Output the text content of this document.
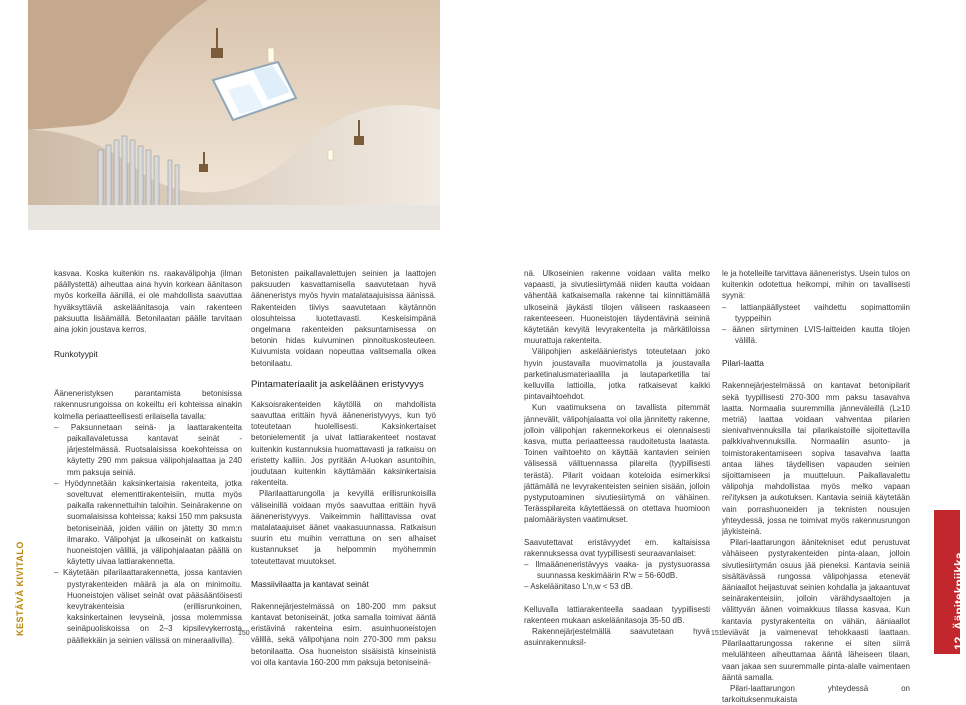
KESTÄVÄ KIVITALO

kasvaa. Koska kuitenkin ns. raakavälipohja (ilman päällystettä) aiheuttaa aina hyvin korkean äänitason myös korkeilla äänillä, ei ole mahdollista saavuttaa hyväksyttäviä askeläänitasoja vain rakenteen paksuutta lisäämällä. Betonilaatan päälle tarvitaan aina jokin joustava kerros.

Runkotyypit

Ääneneristyksen parantamista betonisissa rakennusrungoissa on kokeiltu eri kohteissa ainakin kolmella periaatteellisesti erilaisella tavalla:

– Paksunnetaan seinä- ja laattarakenteita paikallavaletussa kantavat seinät -järjestelmässä. Ruotsalaisissa koekohteissa on käytetty 290 mm paksua välipohjalaattaa ja 240 mm paksuja seiniä.

– Hyödynnetään kaksinkertaisia rakenteita, jotka soveltuvat elementtirakenteisiin, mutta myös paikalla rakennettuihin taloihin. Seinärakenne on suomalaisissa kohteissa; kaksi 150 mm paksusta betoniseinää, joiden väliin on jätetty 30 mm:n ilmarako. Välipohjat ja ulkoseinät on katkaistu huoneistojen välillä, ja välipohjalaatan päällä on käytetty uivaa lattiarakennetta.

– Käytetään pilarilaattarakennetta, jossa kantavien pystyrakenteiden määrä ja ala on minimoitu. Huoneistojen väliset seinät ovat pääsääntöisesti kevytrakenteisia (erillisrunkoinen, kaksinkertainen levyseinä, jossa molemmissa seinäpuoliskoissa on 2–3 kipsilevykerrosta päällekkäin ja seinien välissä on mineraalivilla).

Betonisten paikallavalettujen seinien ja laattojen paksuuden kasvattamisella saavutetaan hyvä ääneneristys myös hyvin matalataajuisissa äänissä. Rakenteiden tiiviys saavutetaan käytännön olosuhteissa luotettavasti. Keskeisimpänä ongelmana rakenteiden paksuntamisessa on betonin hidas kuivuminen pinnoituskosteuteen. Kuivumista voidaan nopeuttaa valitsemalla oikea betonilaatu.

Pintamateriaalit ja askeläänen eristyvyys

Kaksoisrakenteiden käytöllä on mahdollista saavuttaa erittäin hyvä ääneneristyvyys, kun työ toteutetaan huolellisesti. Kaksinkertaiset betonielementit ja uivat lattiarakenteet nostavat kuitenkin kustannuksia huomattavasti ja ratkaisu on eristetty kalliin. Jos pyritään A-luokan asuntoihin, joudutaan kuitenkin käyttämään kaksinkertaisia rakenteita.

Pilarilaattarungolla ja kevyillä erillisrunkoisilla väliseinillä voidaan myös saavuttaa erittäin hyvä ääneneristyvyys. Vaikeimmin hallittavissa ovat matalataajuiset äänet vaakasuunnassa. Ratkaisun suurin etu muihin verrattuna on sen alhaiset kustannukset ja helpommin myöhemmin toteutettavat muutokset.

Massiivilaatta ja kantavat seinät

Rakennejärjestelmässä on 180-200 mm paksut kantavat betoniseinät, jotka samalla toimivat ääntä eristävinä rakenteina esim. asuinhuoneistojen välillä, sekä välipohjana noin 270-300 mm paksu betonilaatta. Osa huoneiston sisäisistä kinseinistä voi olla kantavia 160-200 mm paksuja betoniseinä-

150

nä. Ulkoseinien rakenne voidaan valita melko vapaasti, ja sivutiesiirtymää niiden kautta voidaan vähentää katkaisemalla rakenne tai kiinnittämällä ulkoseinä jäykästi tilojen väliseen raskaaseen rakenteeseen. Huoneistojen täydentävinä seininä käytetään kevyitä levyrakenteita ja märkätiloissa muurattuja rakenteita.

Välipohjien askeläänieristys toteutetaan joko hyvin joustavalla muovimatolla ja joustavalla parketinalusmateriaalilla ja lautaparketilla tai kelluvilla lattioilla, jotka ratkaisevat kaikki pintavaihtoehdot.

Kun vaatimuksena on tavallista pitemmät jännevälit, välipohjalaatta voi olla jännitetty rakenne, jolloin välipohjan rakennekorkeus ei olennaisesti kasva, mutta periaatteessa raudoitetusta laatasta. Toinen vaihtoehto on käyttää kantavien seinien välisessä välituennassa pilareita (tyypillisesti terästä). Pilarit voidaan koteloida esimerkiksi jättämällä ne levyrakenteisten seinien sisään, jolloin pystyputoaminen sivutiesiirtymä on vähäinen. Terässpilareita käytettäessä on otettava huomioon palomääräysten vaatimukset.

Saavutettavat eristävyydet em. kaltaisissa rakennuksessa ovat tyypillisesti seuraavanlaiset:

– Ilmaääneneristävyys vaaka- ja pystysuorassa suunnassa keskimäärin R'w = 56-60dB.

– Askeläänitaso L'n,w < 53 dB.

Kelluvalla lattiarakenteella saadaan tyypillisesti rakenteen mukaan askeläänitasoja 35-50 dB.

Rakennejärjestelmällä saavutetaan hyvä asuinrakennuksil-

le ja hotelleille tarvittava ääneneristys. Usein tulos on kuitenkin odotettua heikompi, mihin on tavallisesti syynä:

– lattianpäällysteet vaihdettu sopimattomiin tyyppeihin

– äänen siirtyminen LVIS-laitteiden kautta tilojen välillä.

Pilari-laatta

Rakennejärjestelmässä on kantavat betonipilarit sekä tyypillisesti 270-300 mm paksu tasavahva laatta. Normaalia suuremmilla jänneväleillä (L≥10 metriä) laattaa voidaan vahventaa pilarien sienivahvennuksilla tai pilarikaistoille sijoitettavilla palkkivahvennuksilla. Normaaliin asunto- ja toimistorakentamiseen sopiva tasavahva laatta antaa lähes täydellisen vapauden seinien sijoittamiseen ja muutteluun. Paikallavalettu välipohja mahdollistaa myös melko vapaan reiʹityksen ja aukotuksen. Kantavia seiniä käytetään vain porrashuoneiden ja teknisten nousujen yhteydessä, jossa ne toimivat myös rakennusrungon jäykisteinä.

Pilari-laattarungon äänitekniset edut perustuvat vähäiseen pystyrakenteiden pinta-alaan, jolloin sivutiesiirtymän osuus jää pieneksi. Kantavia seiniä sisältävässä rungossa välipohjassa etenevät ääniaallot heijastuvat seinien kohdalla ja jakaantuvat seinärakenteisiin, jolloin värähdysaaltojen ja välittyvän äänen voimakkuus tilassa kasvaa. Kun kantavia pystyrakenteita on vähän, ääniaallot leviävät ja vaimenevat tehokkaasti laattaan. Pilarilaattarungossa rakenne ei siten siirrä melulähteen aiheuttamaa ääntä läheiseen tilaan, vaan jakaa sen suuremmalle pinta-alalle vaimentaen ääntä samalla.

Pilari-laattarungon yhteydessä on tarkoituksenmukaista

151	12. Äänitekniikka
